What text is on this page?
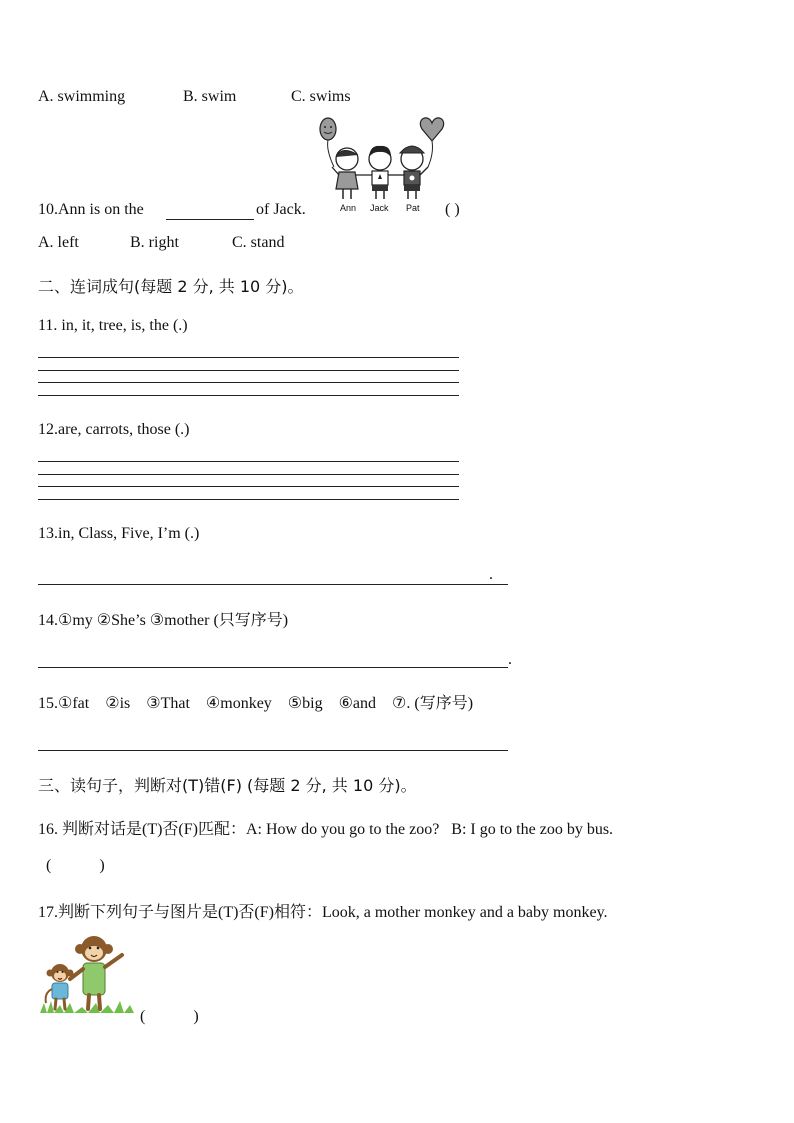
A. swimming	B. swim	C. swims
Ann Jack Pat
10.Ann is on the	of Jack.	( )
A. left	B. right	C. stand
二、连词成句(每题 2 分, 共 10 分)。
11. in, it, tree, is, the (.)
12.are, carrots, those (.)
13.in, Class, Five, I’m (.)
.
14.①my ②She’s ③mother (只写序号)
.
15.①fat    ②is    ③That    ④monkey    ⑤big    ⑥and    ⑦. (写序号)
三、读句子，判断对(T)错(F) (每题 2 分, 共 10 分)。
16. 判断对话是(T)否(F)匹配：A: How do you go to the zoo?   B: I go to the zoo by bus.
(            )
17.判断下列句子与图片是(T)否(F)相符：Look, a mother monkey and a baby monkey.
(            )
